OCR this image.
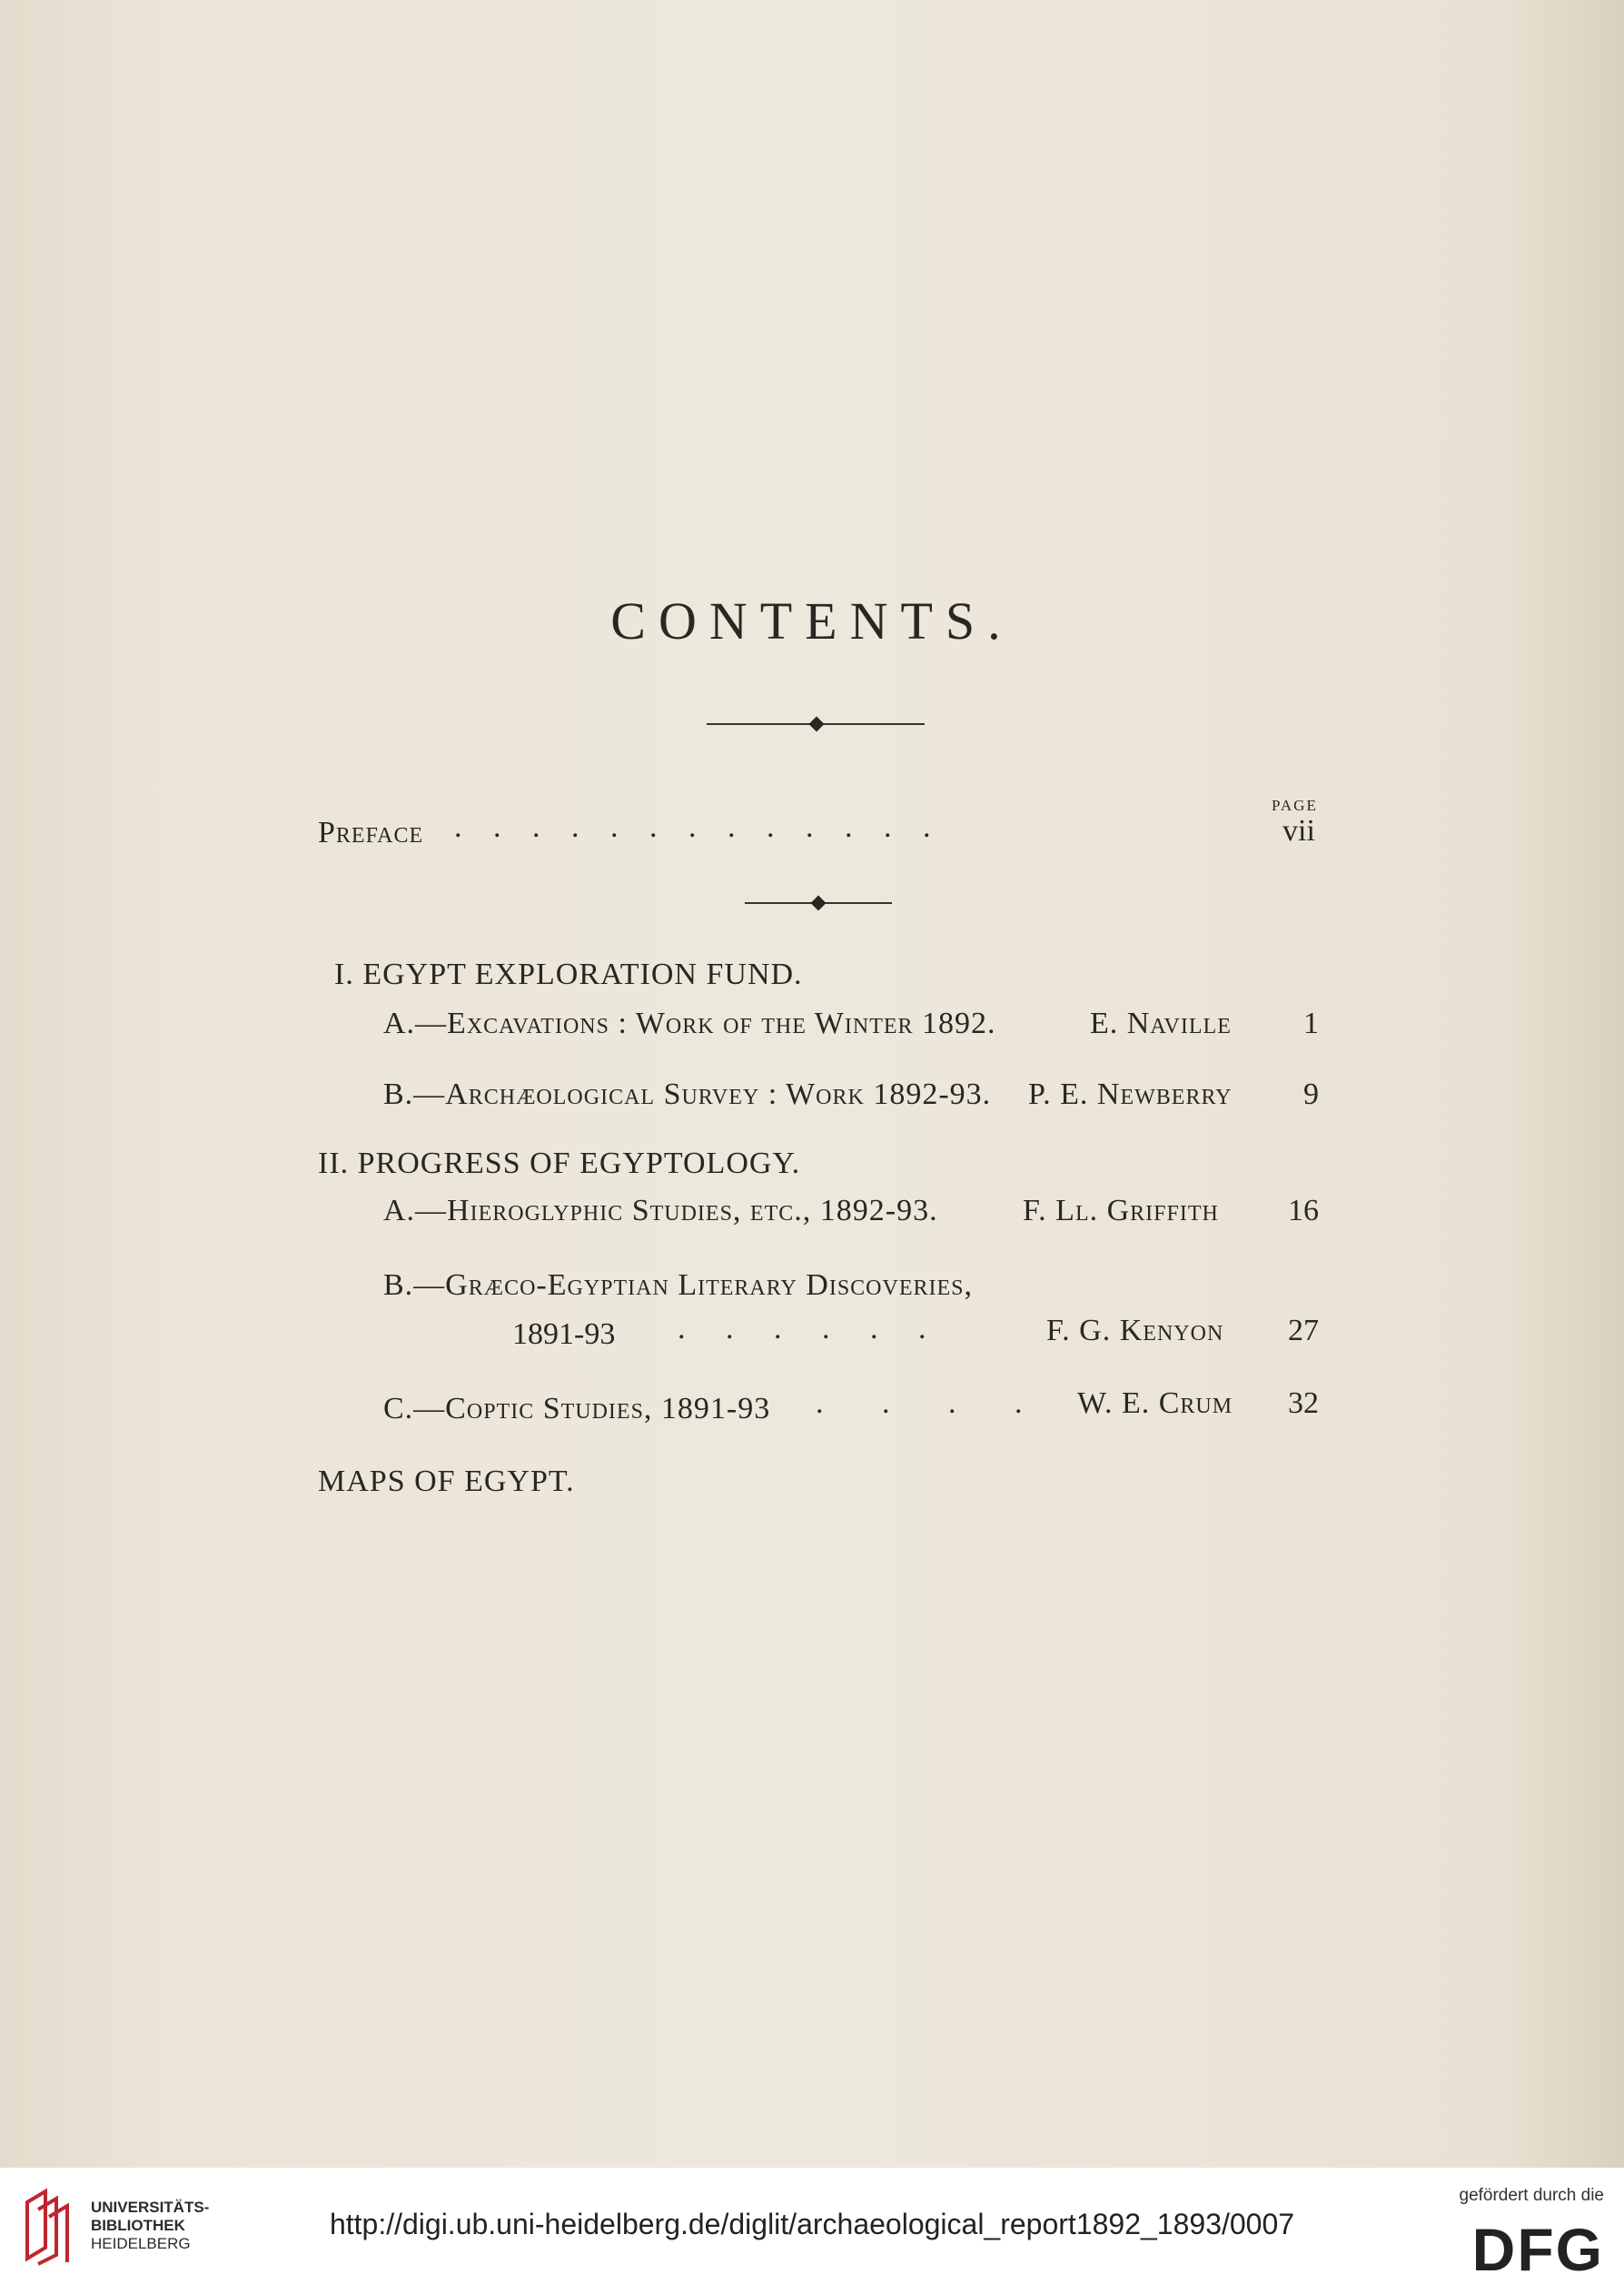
CONTENTS.
PAGE
Preface . . . . . . . . . . . . .	vii
I. EGYPT EXPLORATION FUND.
A.—Excavations : Work of the Winter 1892.	E. Naville	1
B.—Archæological Survey : Work 1892-93. P. E. Newberry	9
II. PROGRESS OF EGYPTOLOGY.
A.—Hieroglyphic Studies, etc., 1892-93.	F. Ll. Griffith	16
B.—Græco-Egyptian Literary Discoveries,
1891-93 . . . . . .	F. G. Kenyon	27
C.—Coptic Studies, 1891-93 . . . . W. E. Crum	32
MAPS OF EGYPT.
UNIVERSITÄTS-
BIBLIOTHEK
HEIDELBERG
http://digi.ub.uni-heidelberg.de/diglit/archaeological_report1892_1893/0007
gefördert durch die
DFG
